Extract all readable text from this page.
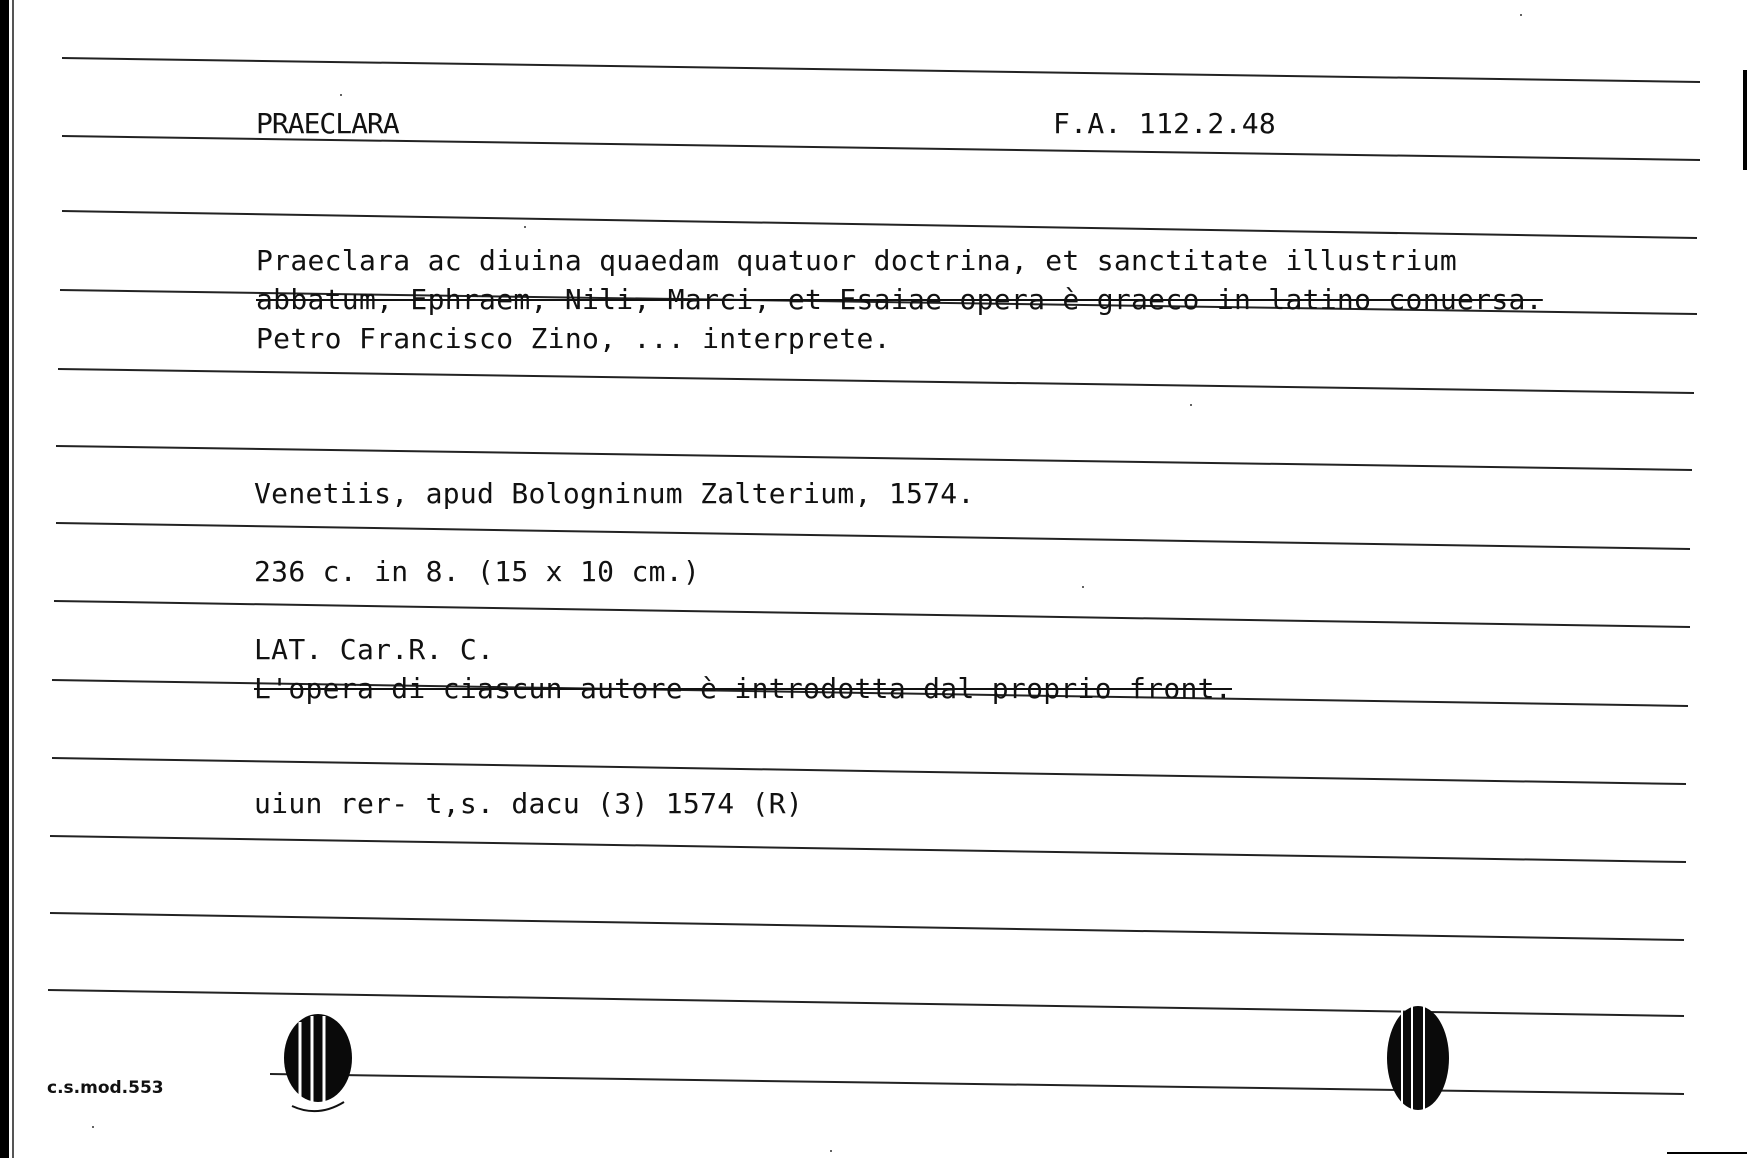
PRAECLARA	F.A. 112.2.48
Praeclara ac diuina quaedam quatuor doctrina, et sanctitate illustrium
abbatum, Ephraem, Nili, Marci, et Esaiae opera è graeco in latino conuersa.
Petro Francisco Zino, ... interprete.
Venetiis, apud Bologninum Zalterium, 1574.
236 c. in 8. (15 x 10 cm.)
LAT. Car.R. C.
L'opera di ciascun autore è introdotta dal proprio front.
uiun rer- t,s. dacu (3) 1574 (R)
c.s.mod.553
